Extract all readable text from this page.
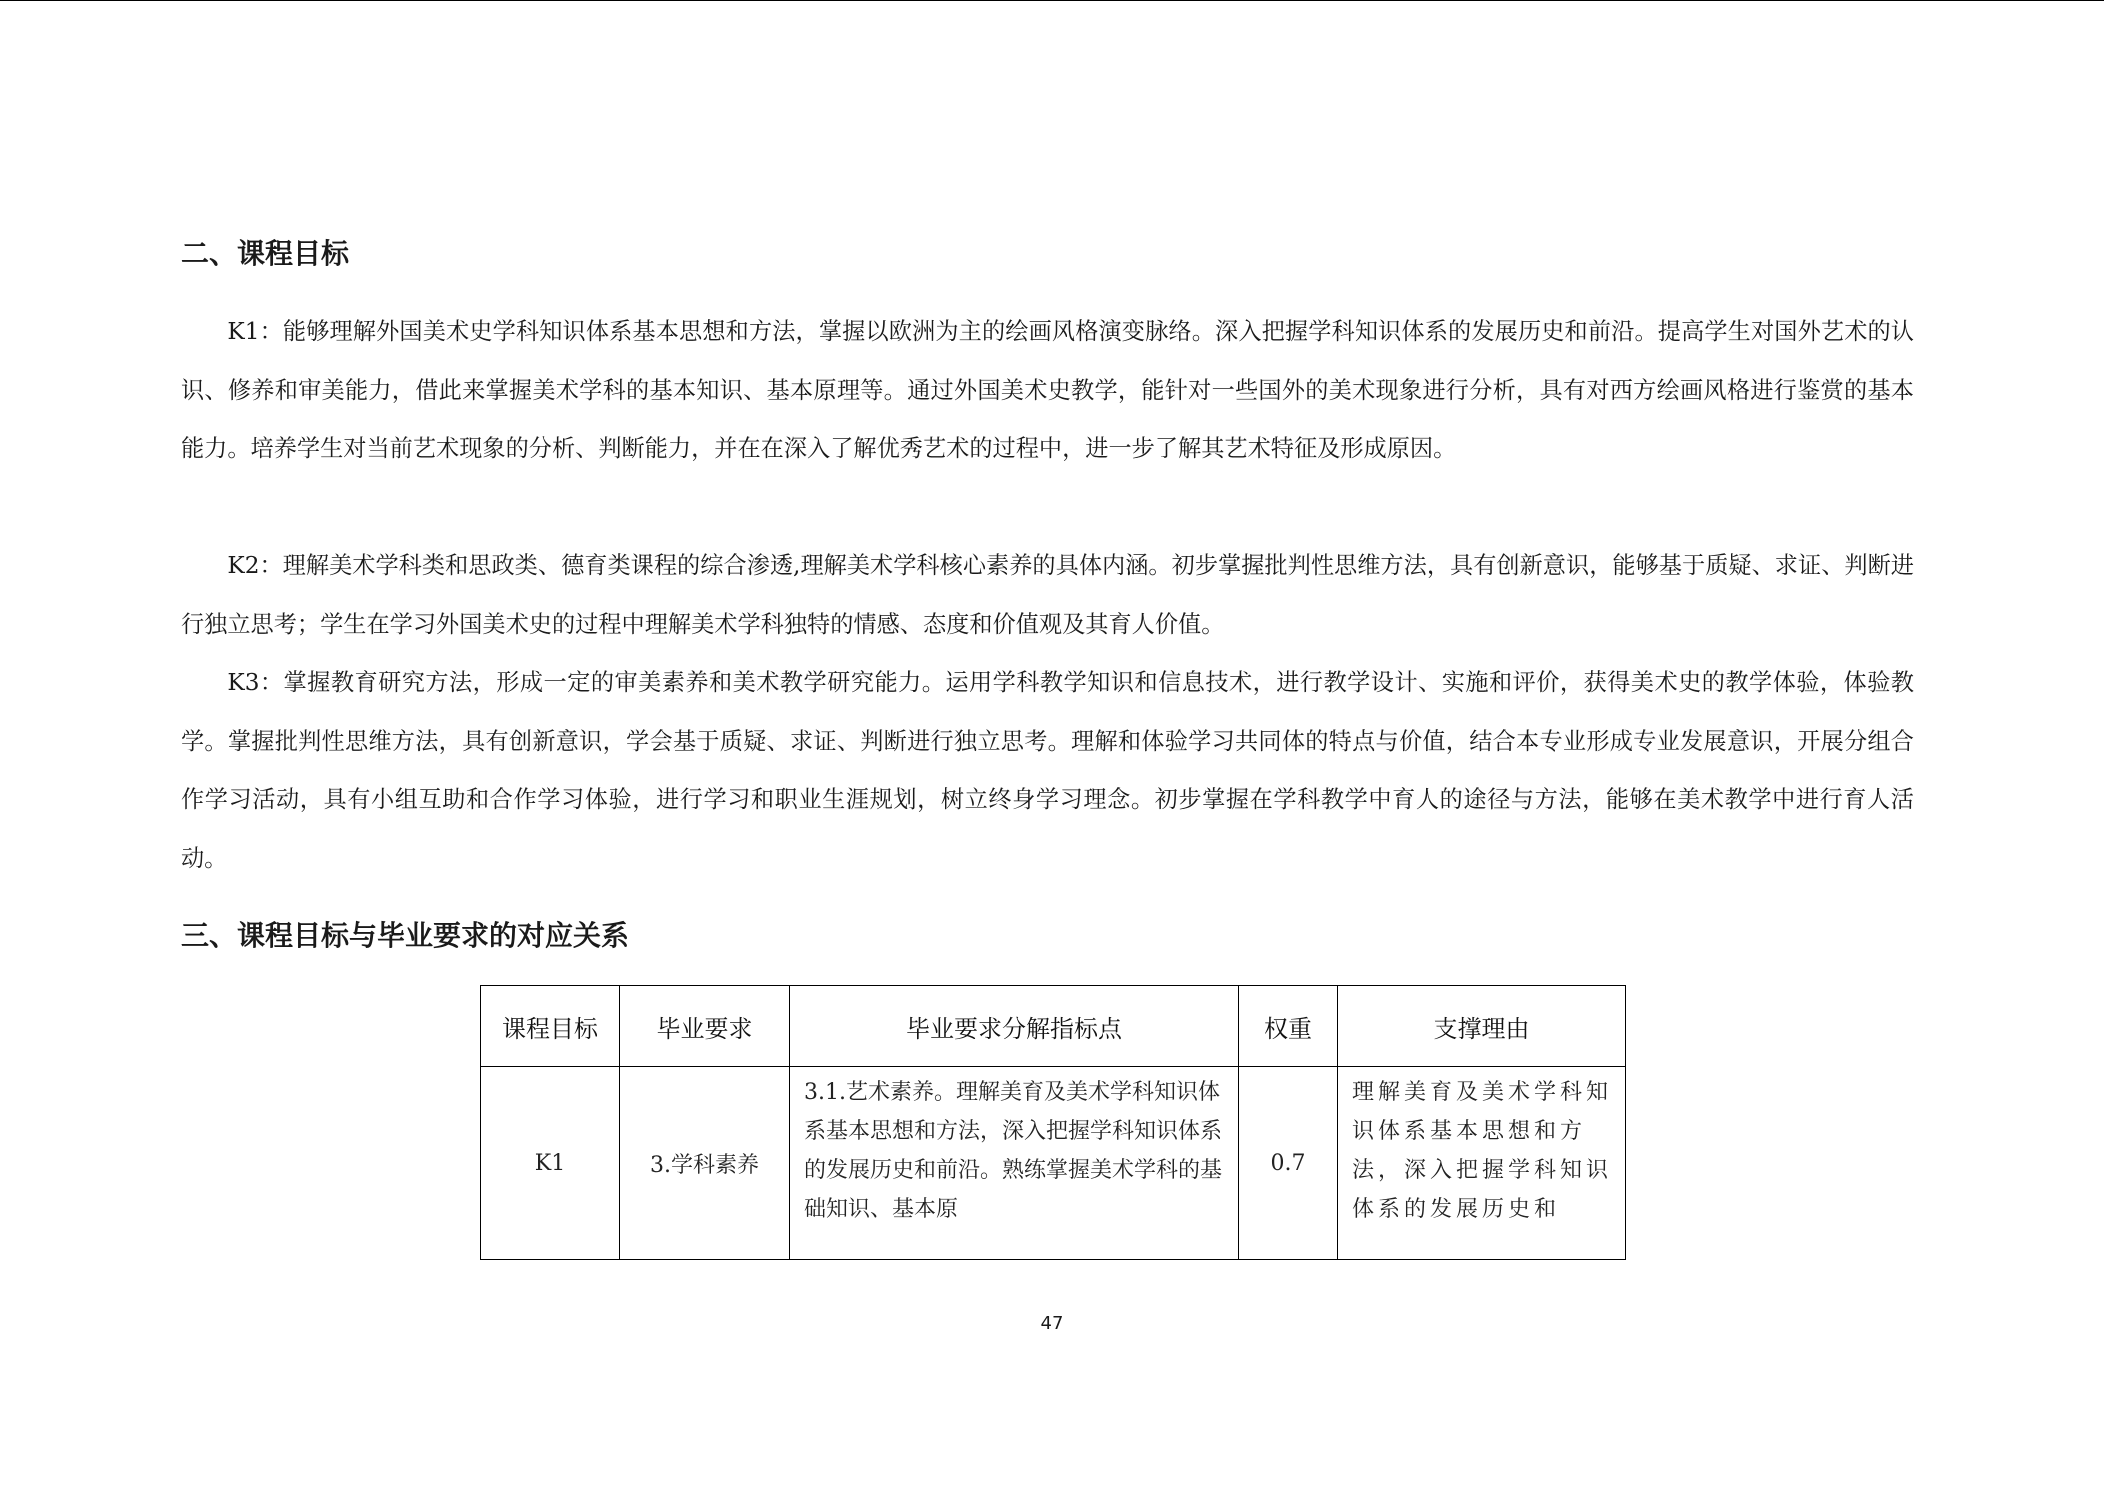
二、课程目标

K1：能够理解外国美术史学科知识体系基本思想和方法，掌握以欧洲为主的绘画风格演变脉络。深入把握学科知识体系的发展历史和前沿。提高学生对国外艺术的认识、修养和审美能力，借此来掌握美术学科的基本知识、基本原理等。通过外国美术史教学，能针对一些国外的美术现象进行分析，具有对西方绘画风格进行鉴赏的基本能力。培养学生对当前艺术现象的分析、判断能力，并在在深入了解优秀艺术的过程中，进一步了解其艺术特征及形成原因。

K2：理解美术学科类和思政类、德育类课程的综合渗透,理解美术学科核心素养的具体内涵。初步掌握批判性思维方法，具有创新意识，能够基于质疑、求证、判断进行独立思考；学生在学习外国美术史的过程中理解美术学科独特的情感、态度和价值观及其育人价值。

K3：掌握教育研究方法，形成一定的审美素养和美术教学研究能力。运用学科教学知识和信息技术，进行教学设计、实施和评价，获得美术史的教学体验，体验教学。掌握批判性思维方法，具有创新意识，学会基于质疑、求证、判断进行独立思考。理解和体验学习共同体的特点与价值，结合本专业形成专业发展意识，开展分组合作学习活动，具有小组互助和合作学习体验，进行学习和职业生涯规划，树立终身学习理念。初步掌握在学科教学中育人的途径与方法，能够在美术教学中进行育人活动。

三、课程目标与毕业要求的对应关系
课程目标	毕业要求	毕业要求分解指标点	权重	支撑理由
K1	3.学科素养	3.1.艺术素养。理解美育及美术学科知识体系基本思想和方法，深入把握学科知识体系的发展历史和前沿。熟练掌握美术学科的基础知识、基本原	0.7	理解美育及美术学科知识体系基本思想和方法，深入把握学科知识体系的发展历史和
47
